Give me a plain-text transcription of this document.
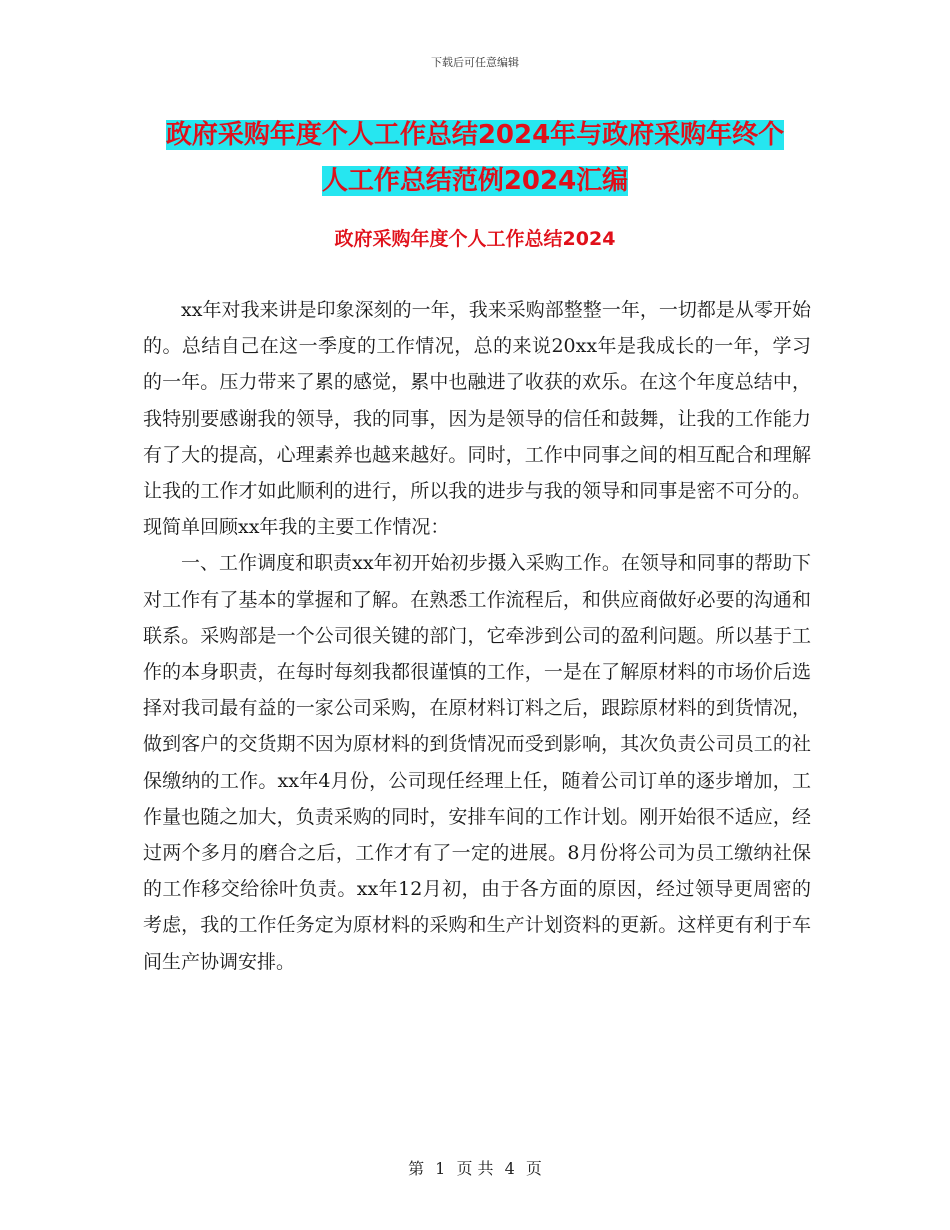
下载后可任意编辑
政府采购年度个人工作总结2024年与政府采购年终个
人工作总结范例2024汇编
政府采购年度个人工作总结2024

xx年对我来讲是印象深刻的一年，我来采购部整整一年，一切都是从零开始的。总结自己在这一季度的工作情况，总的来说20xx年是我成长的一年，学习的一年。压力带来了累的感觉，累中也融进了收获的欢乐。在这个年度总结中，我特别要感谢我的领导，我的同事，因为是领导的信任和鼓舞，让我的工作能力有了大的提高，心理素养也越来越好。同时，工作中同事之间的相互配合和理解让我的工作才如此顺利的进行，所以我的进步与我的领导和同事是密不可分的。现简单回顾xx年我的主要工作情况：

一、工作调度和职责xx年初开始初步摄入采购工作。在领导和同事的帮助下对工作有了基本的掌握和了解。在熟悉工作流程后，和供应商做好必要的沟通和联系。采购部是一个公司很关键的部门，它牵涉到公司的盈利问题。所以基于工作的本身职责，在每时每刻我都很谨慎的工作，一是在了解原材料的市场价后选择对我司最有益的一家公司采购，在原材料订料之后，跟踪原材料的到货情况，做到客户的交货期不因为原材料的到货情况而受到影响，其次负责公司员工的社保缴纳的工作。xx年4月份，公司现任经理上任，随着公司订单的逐步增加，工作量也随之加大，负责采购的同时，安排车间的工作计划。刚开始很不适应，经过两个多月的磨合之后，工作才有了一定的进展。8月份将公司为员工缴纳社保的工作移交给徐叶负责。xx年12月初，由于各方面的原因，经过领导更周密的考虑，我的工作任务定为原材料的采购和生产计划资料的更新。这样更有利于车间生产协调安排。

第 1 页 共 4 页
